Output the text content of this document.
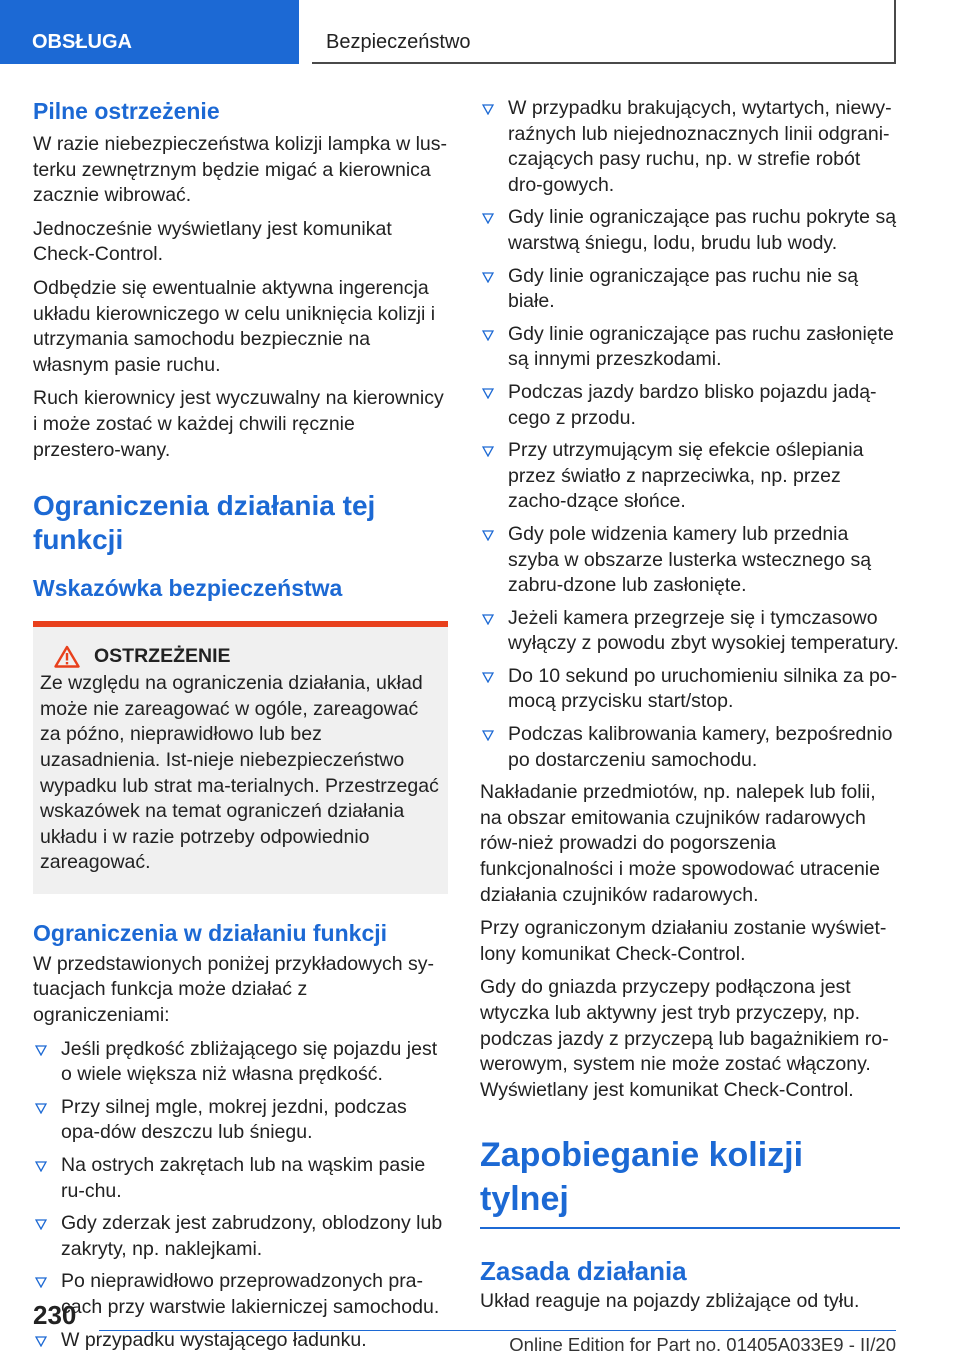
OBSŁUGA	Bezpieczeństwo
Pilne ostrzeżenie

W razie niebezpieczeństwa kolizji lampka w lus-terku zewnętrznym będzie migać a kierownica zacznie wibrować.

Jednocześnie wyświetlany jest komunikat Check-Control.

Odbędzie się ewentualnie aktywna ingerencja układu kierowniczego w celu uniknięcia kolizji i utrzymania samochodu bezpiecznie na własnym pasie ruchu.

Ruch kierownicy jest wyczuwalny na kierownicy i może zostać w każdej chwili ręcznie przestero-wany.

Ograniczenia działania tej funkcji
Wskazówka bezpieczeństwa
OSTRZEŻENIE

Ze względu na ograniczenia działania, układ może nie zareagować w ogóle, zareagować za późno, nieprawidłowo lub bez uzasadnienia. Ist-nieje niebezpieczeństwo wypadku lub strat ma-terialnych. Przestrzegać wskazówek na temat ograniczeń działania układu i w razie potrzeby odpowiednio zareagować.

Ograniczenia w działaniu funkcji

W przedstawionych poniżej przykładowych sy-tuacjach funkcja może działać z ograniczeniami:

Jeśli prędkość zbliżającego się pojazdu jest o wiele większa niż własna prędkość.
Przy silnej mgle, mokrej jezdni, podczas opa-dów deszczu lub śniegu.
Na ostrych zakrętach lub na wąskim pasie ru-chu.
Gdy zderzak jest zabrudzony, oblodzony lub zakryty, np. naklejkami.
Po nieprawidłowo przeprowadzonych pra-cach przy warstwie lakierniczej samochodu.
W przypadku wystającego ładunku.
W przypadku brakujących, wytartych, niewy-raźnych lub niejednoznacznych linii odgrani-czających pasy ruchu, np. w strefie robót dro-gowych.
Gdy linie ograniczające pas ruchu pokryte są warstwą śniegu, lodu, brudu lub wody.
Gdy linie ograniczające pas ruchu nie są białe.
Gdy linie ograniczające pas ruchu zasłonięte są innymi przeszkodami.
Podczas jazdy bardzo blisko pojazdu jadą-cego z przodu.
Przy utrzymującym się efekcie oślepiania przez światło z naprzeciwka, np. przez zacho-dzące słońce.
Gdy pole widzenia kamery lub przednia szyba w obszarze lusterka wstecznego są zabru-dzone lub zasłonięte.
Jeżeli kamera przegrzeje się i tymczasowo wyłączy z powodu zbyt wysokiej temperatury.
Do 10 sekund po uruchomieniu silnika za po-mocą przycisku start/stop.
Podczas kalibrowania kamery, bezpośrednio po dostarczeniu samochodu.

Nakładanie przedmiotów, np. nalepek lub folii, na obszar emitowania czujników radarowych rów-nież prowadzi do pogorszenia funkcjonalności i może spowodować utracenie działania czujników radarowych.

Przy ograniczonym działaniu zostanie wyświet-lony komunikat Check-Control.

Gdy do gniazda przyczepy podłączona jest wtyczka lub aktywny jest tryb przyczepy, np. podczas jazdy z przyczepą lub bagażnikiem ro-werowym, system nie może zostać włączony. Wyświetlany jest komunikat Check-Control.

Zapobieganie kolizji tylnej
Zasada działania

Układ reaguje na pojazdy zbliżające od tyłu.

230
Online Edition for Part no. 01405A033E9 - II/20
